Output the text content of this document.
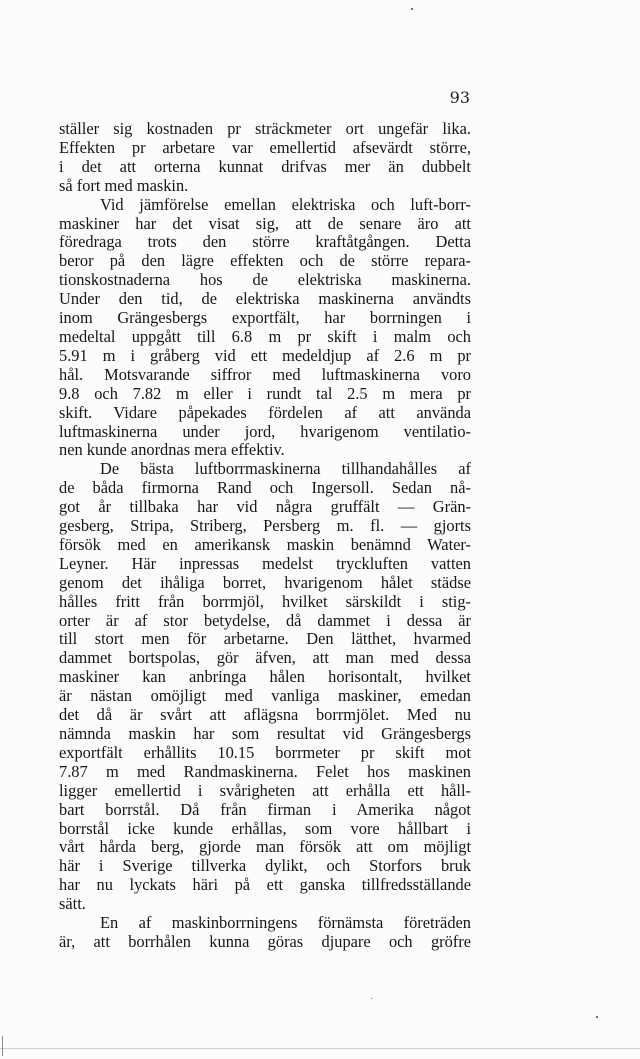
93
ställer sig kostnaden pr sträckmeter ort ungefär lika.
Effekten pr arbetare var emellertid afsevärdt större,
i det att orterna kunnat drifvas mer än dubbelt
så fort med maskin.
Vid jämförelse emellan elektriska och luft-borr-
maskiner har det visat sig, att de senare äro att
föredraga trots den större kraftåtgången. Detta
beror på den lägre effekten och de större repara-
tionskostnaderna hos de elektriska maskinerna.
Under den tid, de elektriska maskinerna användts
inom Grängesbergs exportfält, har borrningen i
medeltal uppgått till 6.8 m pr skift i malm och
5.91 m i gråberg vid ett medeldjup af 2.6 m pr
hål. Motsvarande siffror med luftmaskinerna voro
9.8 och 7.82 m eller i rundt tal 2.5 m mera pr
skift. Vidare påpekades fördelen af att använda
luftmaskinerna under jord, hvarigenom ventilatio-
nen kunde anordnas mera effektiv.
De bästa luftborrmaskinerna tillhandahålles af
de båda firmorna Rand och Ingersoll. Sedan nå-
got år tillbaka har vid några gruffält — Grän-
gesberg, Stripa, Striberg, Persberg m. fl. — gjorts
försök med en amerikansk maskin benämnd Water-
Leyner. Här inpressas medelst tryckluften vatten
genom det ihåliga borret, hvarigenom hålet städse
hålles fritt från borrmjöl, hvilket särskildt i stig-
orter är af stor betydelse, då dammet i dessa är
till stort men för arbetarne. Den lätthet, hvarmed
dammet bortspolas, gör äfven, att man med dessa
maskiner kan anbringa hålen horisontalt, hvilket
är nästan omöjligt med vanliga maskiner, emedan
det då är svårt att aflägsna borrmjölet. Med nu
nämnda maskin har som resultat vid Grängesbergs
exportfält erhållits 10.15 borrmeter pr skift mot
7.87 m med Randmaskinerna. Felet hos maskinen
ligger emellertid i svårigheten att erhålla ett håll-
bart borrstål. Då från firman i Amerika något
borrstål icke kunde erhållas, som vore hållbart i
vårt hårda berg, gjorde man försök att om möjligt
här i Sverige tillverka dylikt, och Storfors bruk
har nu lyckats häri på ett ganska tillfredsställande
sätt.
En af maskinborrningens förnämsta företräden
är, att borrhålen kunna göras djupare och gröfre
